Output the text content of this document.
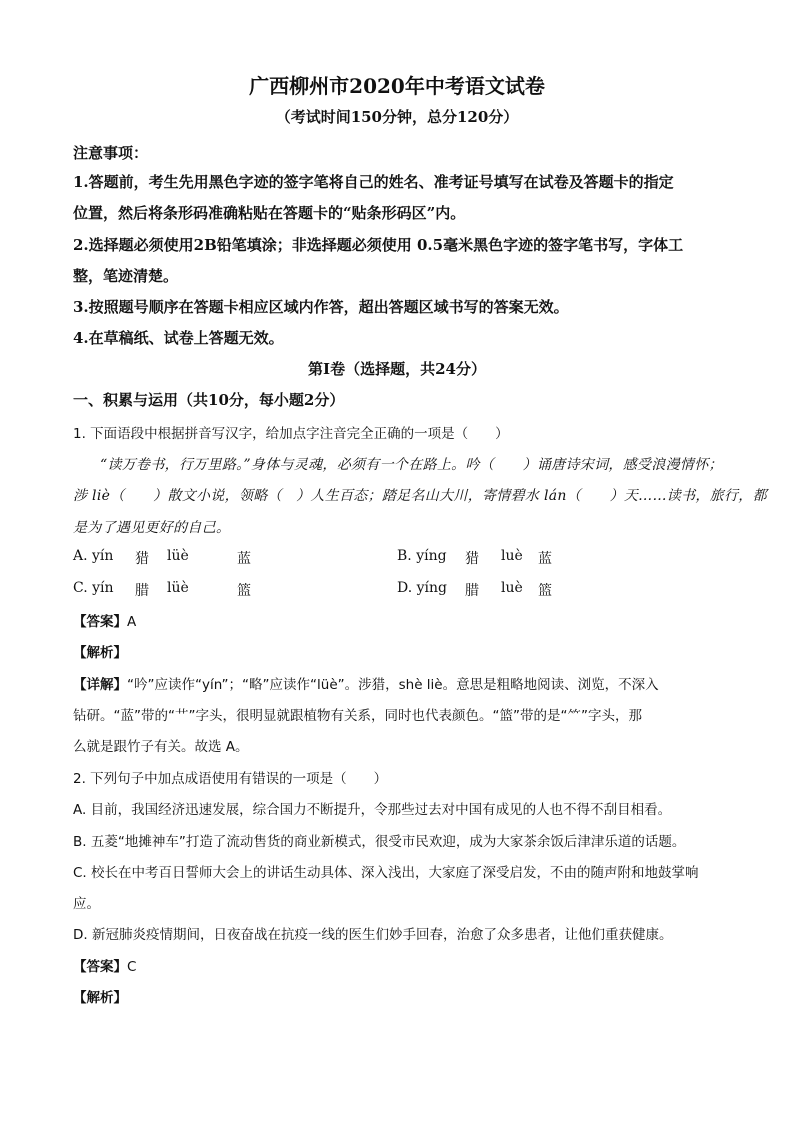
广西柳州市2020年中考语文试卷
（考试时间150分钟，总分120分）
注意事项：
1.答题前，考生先用黑色字迹的签字笔将自己的姓名、准考证号填写在试卷及答题卡的指定
位置，然后将条形码准确粘贴在答题卡的“贴条形码区”内。
2.选择题必须使用2B铅笔填涂；非选择题必须使用 0.5毫米黑色字迹的签字笔书写，字体工
整，笔迹清楚。
3.按照题号顺序在答题卡相应区域内作答，超出答题区域书写的答案无效。
4.在草稿纸、试卷上答题无效。
第Ⅰ卷（选择题，共24分）
一、积累与运用（共10分，每小题2分）
1. 下面语段中根据拼音写汉字，给加点字注音完全正确的一项是（　　）
“读万卷书，行万里路。”身体与灵魂，必须有一个在路上。吟（　　）诵唐诗宋词，感受浪漫情怀；
涉 liè（　　）散文小说，领略（　）人生百态；踏足名山大川，寄情碧水 lán（　　）天……读书，旅行，都
是为了遇见更好的自己。
A. yín 猎 lüè	蓝	B. yíng 猎 luè 蓝
C. yín 腊 lüè	篮	D. yíng 腊 luè 篮
【答案】A
【解析】
【详解】“吟”应读作“yín”；“略”应读作“lüè”。涉猎，shè liè。意思是粗略地阅读、浏览，不深入
钻研。“蓝”带的“艹”字头，很明显就跟植物有关系，同时也代表颜色。“篮”带的是“⺮”字头，那
么就是跟竹子有关。故选 A。
2. 下列句子中加点成语使用有错误的一项是（　　）
A. 目前，我国经济迅速发展，综合国力不断提升，令那些过去对中国有成见的人也不得不刮目相看。
B. 五菱“地摊神车”打造了流动售货的商业新模式，很受市民欢迎，成为大家茶余饭后津津乐道的话题。
C. 校长在中考百日誓师大会上的讲话生动具体、深入浅出，大家庭了深受启发，不由的随声附和地鼓掌响
应。
D. 新冠肺炎疫情期间，日夜奋战在抗疫一线的医生们妙手回春，治愈了众多患者，让他们重获健康。
【答案】C
【解析】
